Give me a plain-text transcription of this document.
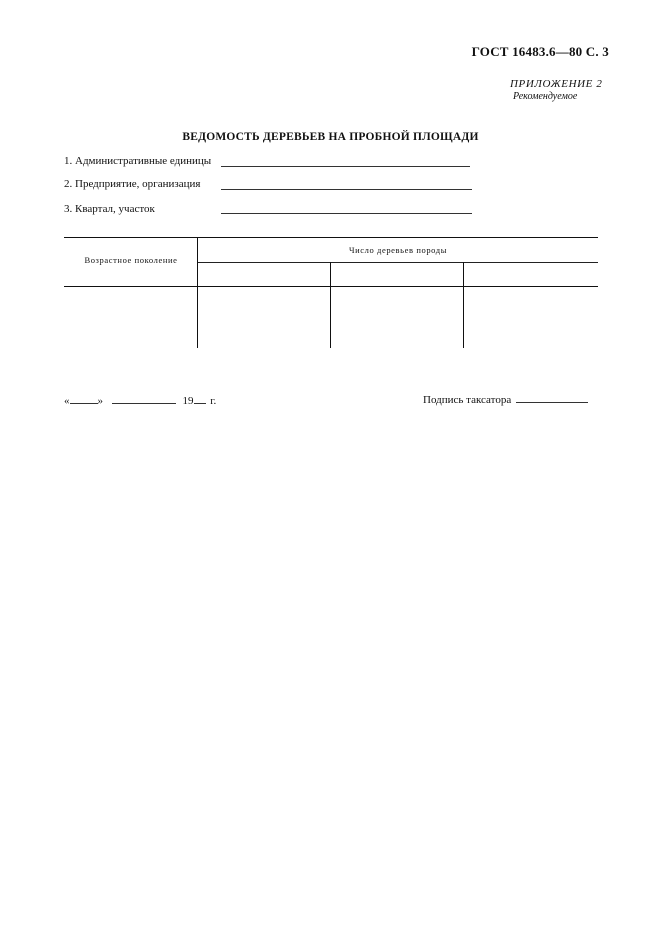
ГОСТ 16483.6—80 С. 3
ПРИЛОЖЕНИЕ 2
Рекомендуемое
ВЕДОМОСТЬ ДЕРЕВЬЕВ НА ПРОБНОЙ ПЛОЩАДИ
1. Административные единицы
2. Предприятие, организация
3. Квартал, участок
Возрастное поколение
Число деревьев породы
«	»	19 г.	Подпись таксатора
